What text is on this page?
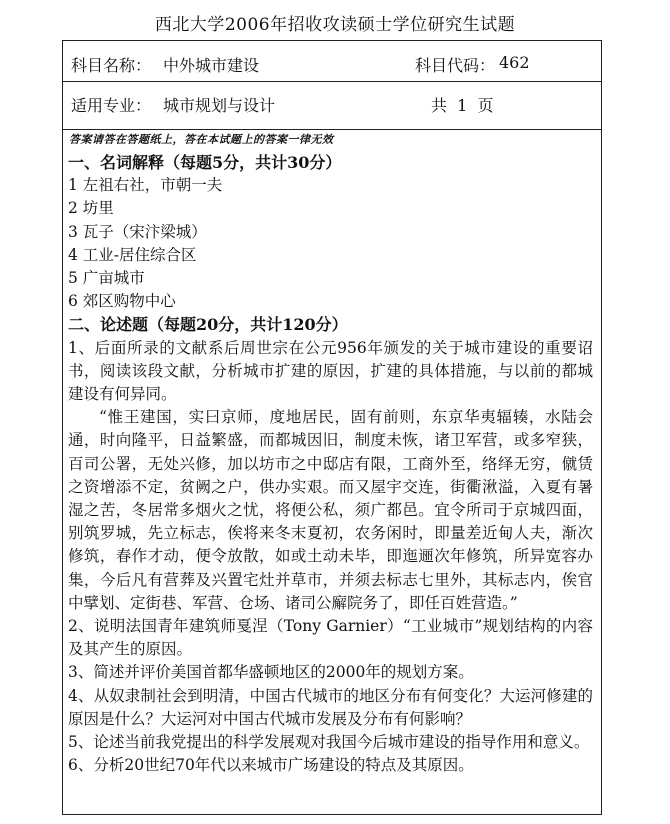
西北大学2006年招收攻读硕士学位研究生试题
科目名称： 中外城市建设	科目代码： 462
适用专业： 城市规划与设计	共  1  页
答案请答在答题纸上，答在本试题上的答案一律无效
一、名词解释（每题5分，共计30分）
1 左祖右社，市朝一夫
2 坊里
3 瓦子（宋汴梁城）
4 工业-居住综合区
5 广亩城市
6 郊区购物中心
二、论述题（每题20分，共计120分）
1、后面所录的文献系后周世宗在公元956年颁发的关于城市建设的重要诏书，阅读该段文献，分析城市扩建的原因，扩建的具体措施，与以前的都城建设有何异同。
“惟王建国，实曰京师，度地居民，固有前则，东京华夷辐辏，水陆会通，时向隆平，日益繁盛，而都城因旧，制度未恢，诸卫军营，或多窄狭，百司公署，无处兴修，加以坊市之中邸店有限，工商外至，络绎无穷，僦赁之资增添不定，贫阙之户，供办实艰。而又屋宇交连，街衢湫溢，入夏有暑湿之苦，冬居常多烟火之忧，将便公私，须广都邑。宜令所司于京城四面，别筑罗城，先立标志，俟将来冬末夏初，农务闲时，即量差近甸人夫，渐次修筑，春作才动，便令放散，如或土动未毕，即迤逦次年修筑，所异宽容办集，今后凡有营葬及兴置宅灶并草市，并须去标志七里外，其标志内，俟官中擘划、定街巷、军营、仓场、诸司公廨院务了，即任百姓营造。”
2、说明法国青年建筑师戛涅（Tony Garnier）“工业城市”规划结构的内容及其产生的原因。
3、简述并评价美国首都华盛顿地区的2000年的规划方案。
4、从奴隶制社会到明清，中国古代城市的地区分布有何变化？大运河修建的原因是什么？大运河对中国古代城市发展及分布有何影响？
5、论述当前我党提出的科学发展观对我国今后城市建设的指导作用和意义。
6、分析20世纪70年代以来城市广场建设的特点及其原因。
